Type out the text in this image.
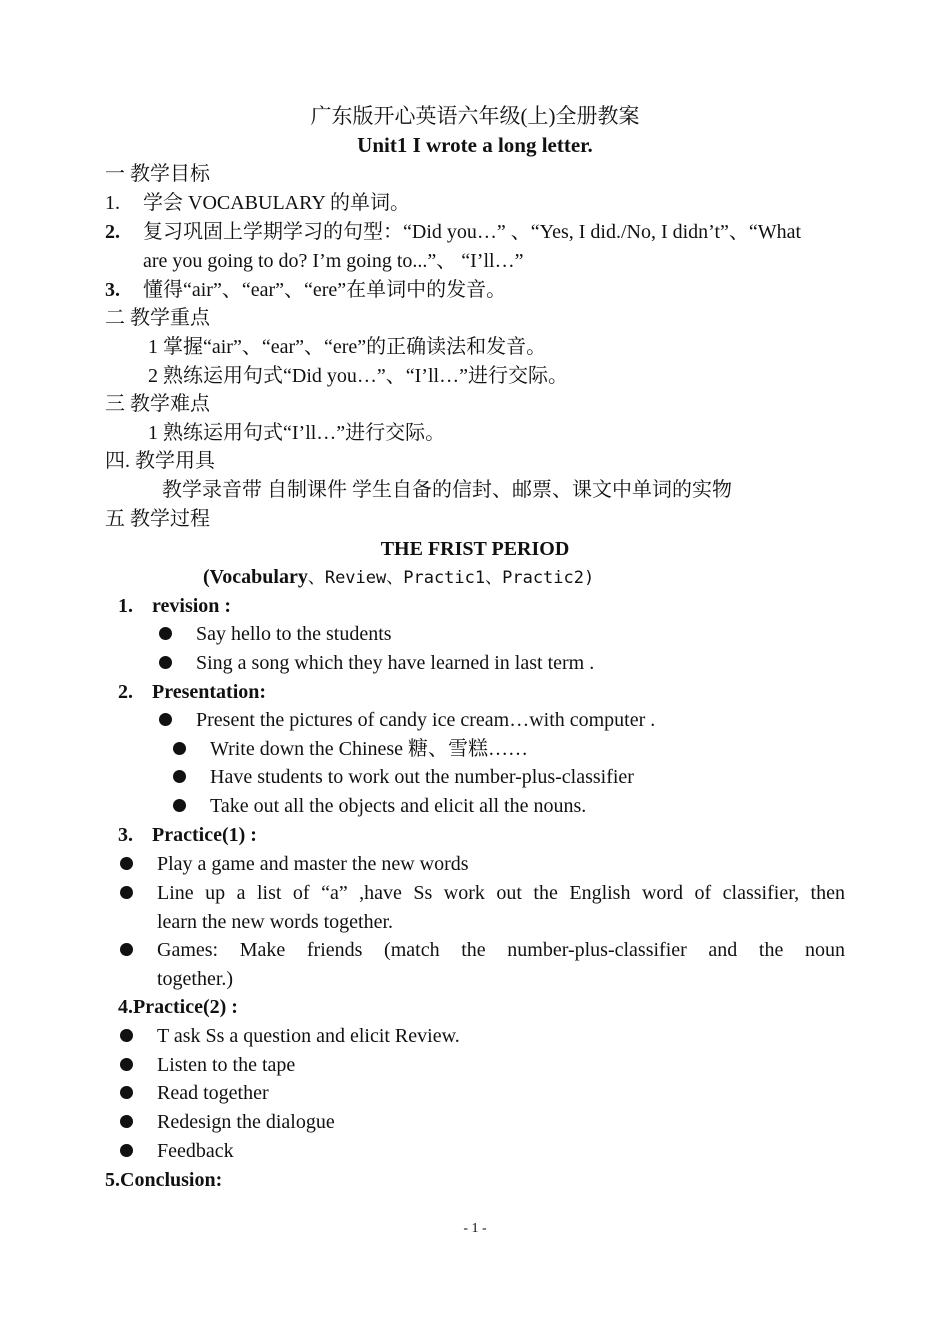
广东版开心英语六年级(上)全册教案
Unit1 I wrote a long letter.
一 教学目标
1. 学会 VOCABULARY 的单词。
2. 复习巩固上学期学习的句型：“Did you…” 、“Yes, I did./No, I didn’t”、“What
are you going to do? I’m going to...”、 “I’ll…”
3. 懂得“air”、“ear”、“ere”在单词中的发音。
二 教学重点
1 掌握“air”、“ear”、“ere”的正确读法和发音。
2 熟练运用句式“Did you…”、“I’ll…”进行交际。
三 教学难点
1 熟练运用句式“I’ll…”进行交际。
四. 教学用具
教学录音带 自制课件 学生自备的信封、邮票、课文中单词的实物
五 教学过程
THE FRIST PERIOD
(Vocabulary、Review、Practic1、Practic2)
1. revision :
Say hello to the students
Sing a song which they have learned in last term .
2. Presentation:
Present the pictures of candy ice cream…with computer .
Write down the Chinese 糖、雪糕……
Have students to work out the number-plus-classifier
Take out all the objects and elicit all the nouns.
3. Practice(1) :
Play a game and master the new words
Line up a list of “a” ,have Ss work out the English word of classifier, then
learn the new words together.
Games: Make friends (match the number-plus-classifier and the noun
together.)
4.Practice(2) :
T ask Ss a question and elicit Review.
Listen to the tape
Read together
Redesign the dialogue
Feedback
5.Conclusion:
- 1 -
